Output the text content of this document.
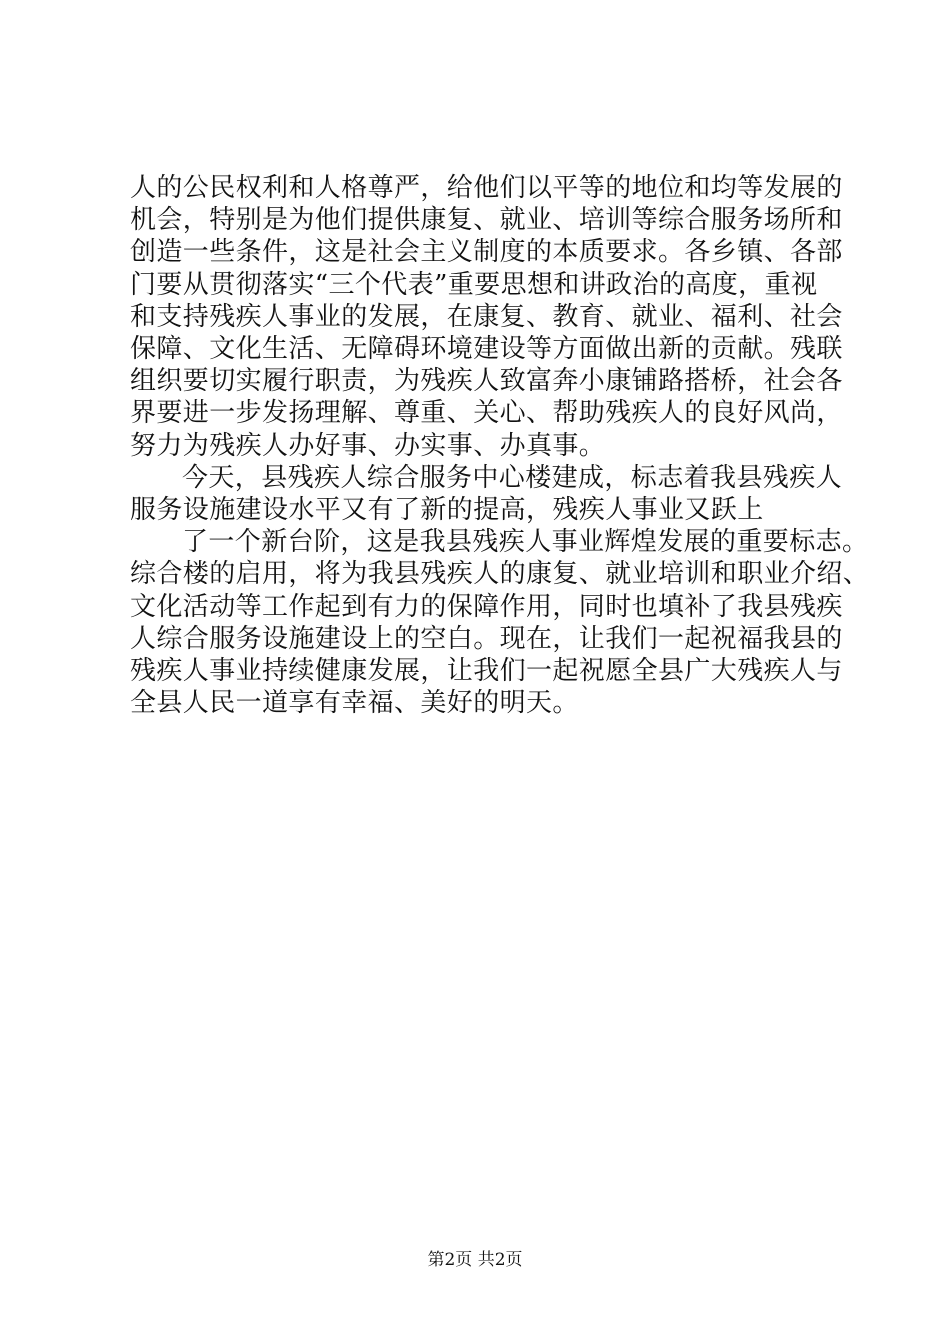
人的公民权利和人格尊严，给他们以平等的地位和均等发展的
机会，特别是为他们提供康复、就业、培训等综合服务场所和
创造一些条件，这是社会主义制度的本质要求。各乡镇、各部
门要从贯彻落实“三个代表”重要思想和讲政治的高度，重视
和支持残疾人事业的发展，在康复、教育、就业、福利、社会
保障、文化生活、无障碍环境建设等方面做出新的贡献。残联
组织要切实履行职责，为残疾人致富奔小康铺路搭桥，社会各
界要进一步发扬理解、尊重、关心、帮助残疾人的良好风尚，
努力为残疾人办好事、办实事、办真事。
今天，县残疾人综合服务中心楼建成，标志着我县残疾人
服务设施建设水平又有了新的提高，残疾人事业又跃上
了一个新台阶，这是我县残疾人事业辉煌发展的重要标志。
综合楼的启用，将为我县残疾人的康复、就业培训和职业介绍、
文化活动等工作起到有力的保障作用，同时也填补了我县残疾
人综合服务设施建设上的空白。现在，让我们一起祝福我县的
残疾人事业持续健康发展，让我们一起祝愿全县广大残疾人与
全县人民一道享有幸福、美好的明天。
第2页 共2页
